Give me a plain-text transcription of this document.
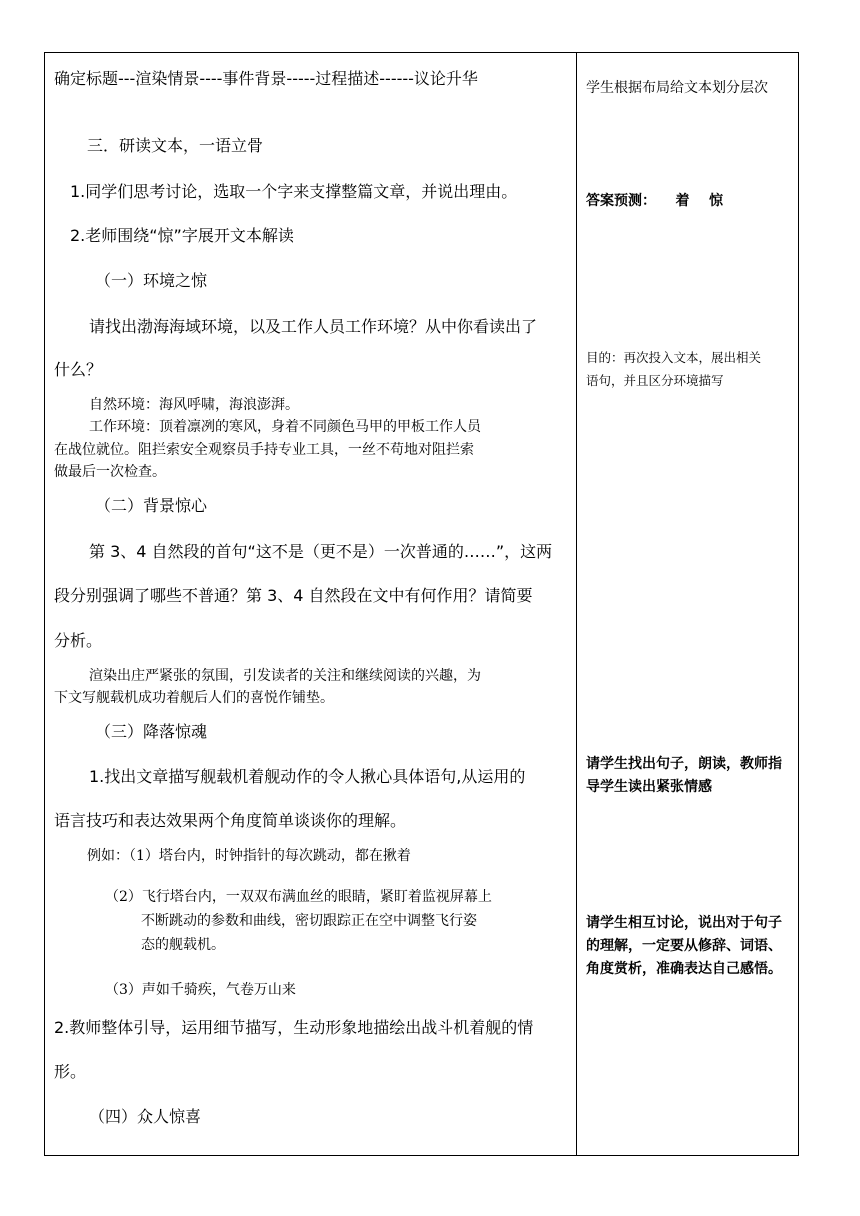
确定标题---渲染情景----事件背景-----过程描述------议论升华
三．研读文本，一语立骨
1.同学们思考讨论，选取一个字来支撑整篇文章，并说出理由。
2.老师围绕“惊”字展开文本解读
（一）环境之惊
请找出渤海海域环境，以及工作人员工作环境？从中你看读出了
什么？
自然环境：海风呼啸，海浪澎湃。
工作环境：顶着凛冽的寒风，身着不同颜色马甲的甲板工作人员
在战位就位。阻拦索安全观察员手持专业工具，一丝不苟地对阻拦索
做最后一次检查。
（二）背景惊心
第 3、4 自然段的首句“这不是（更不是）一次普通的……”，这两
段分别强调了哪些不普通？第 3、4 自然段在文中有何作用？请简要
分析。
渲染出庄严紧张的氛围，引发读者的关注和继续阅读的兴趣，为
下文写舰载机成功着舰后人们的喜悦作铺垫。
（三）降落惊魂
1.找出文章描写舰载机着舰动作的令人揪心具体语句,从运用的
语言技巧和表达效果两个角度简单谈谈你的理解。
例如：（1）塔台内，时钟指针的每次跳动，都在揪着
（2）飞行塔台内，一双双布满血丝的眼睛，紧盯着监视屏幕上
不断跳动的参数和曲线，密切跟踪正在空中调整飞行姿
态的舰载机。
（3）声如千骑疾，气卷万山来
2.教师整体引导，运用细节描写，生动形象地描绘出战斗机着舰的情
形。
（四）众人惊喜
学生根据布局给文本划分层次
答案预测：    着    惊
目的：再次投入文本，展出相关
语句，并且区分环境描写
请学生找出句子，朗读，教师指
导学生读出紧张情感
请学生相互讨论，说出对于句子
的理解，一定要从修辞、词语、
角度赏析，准确表达自己感悟。
